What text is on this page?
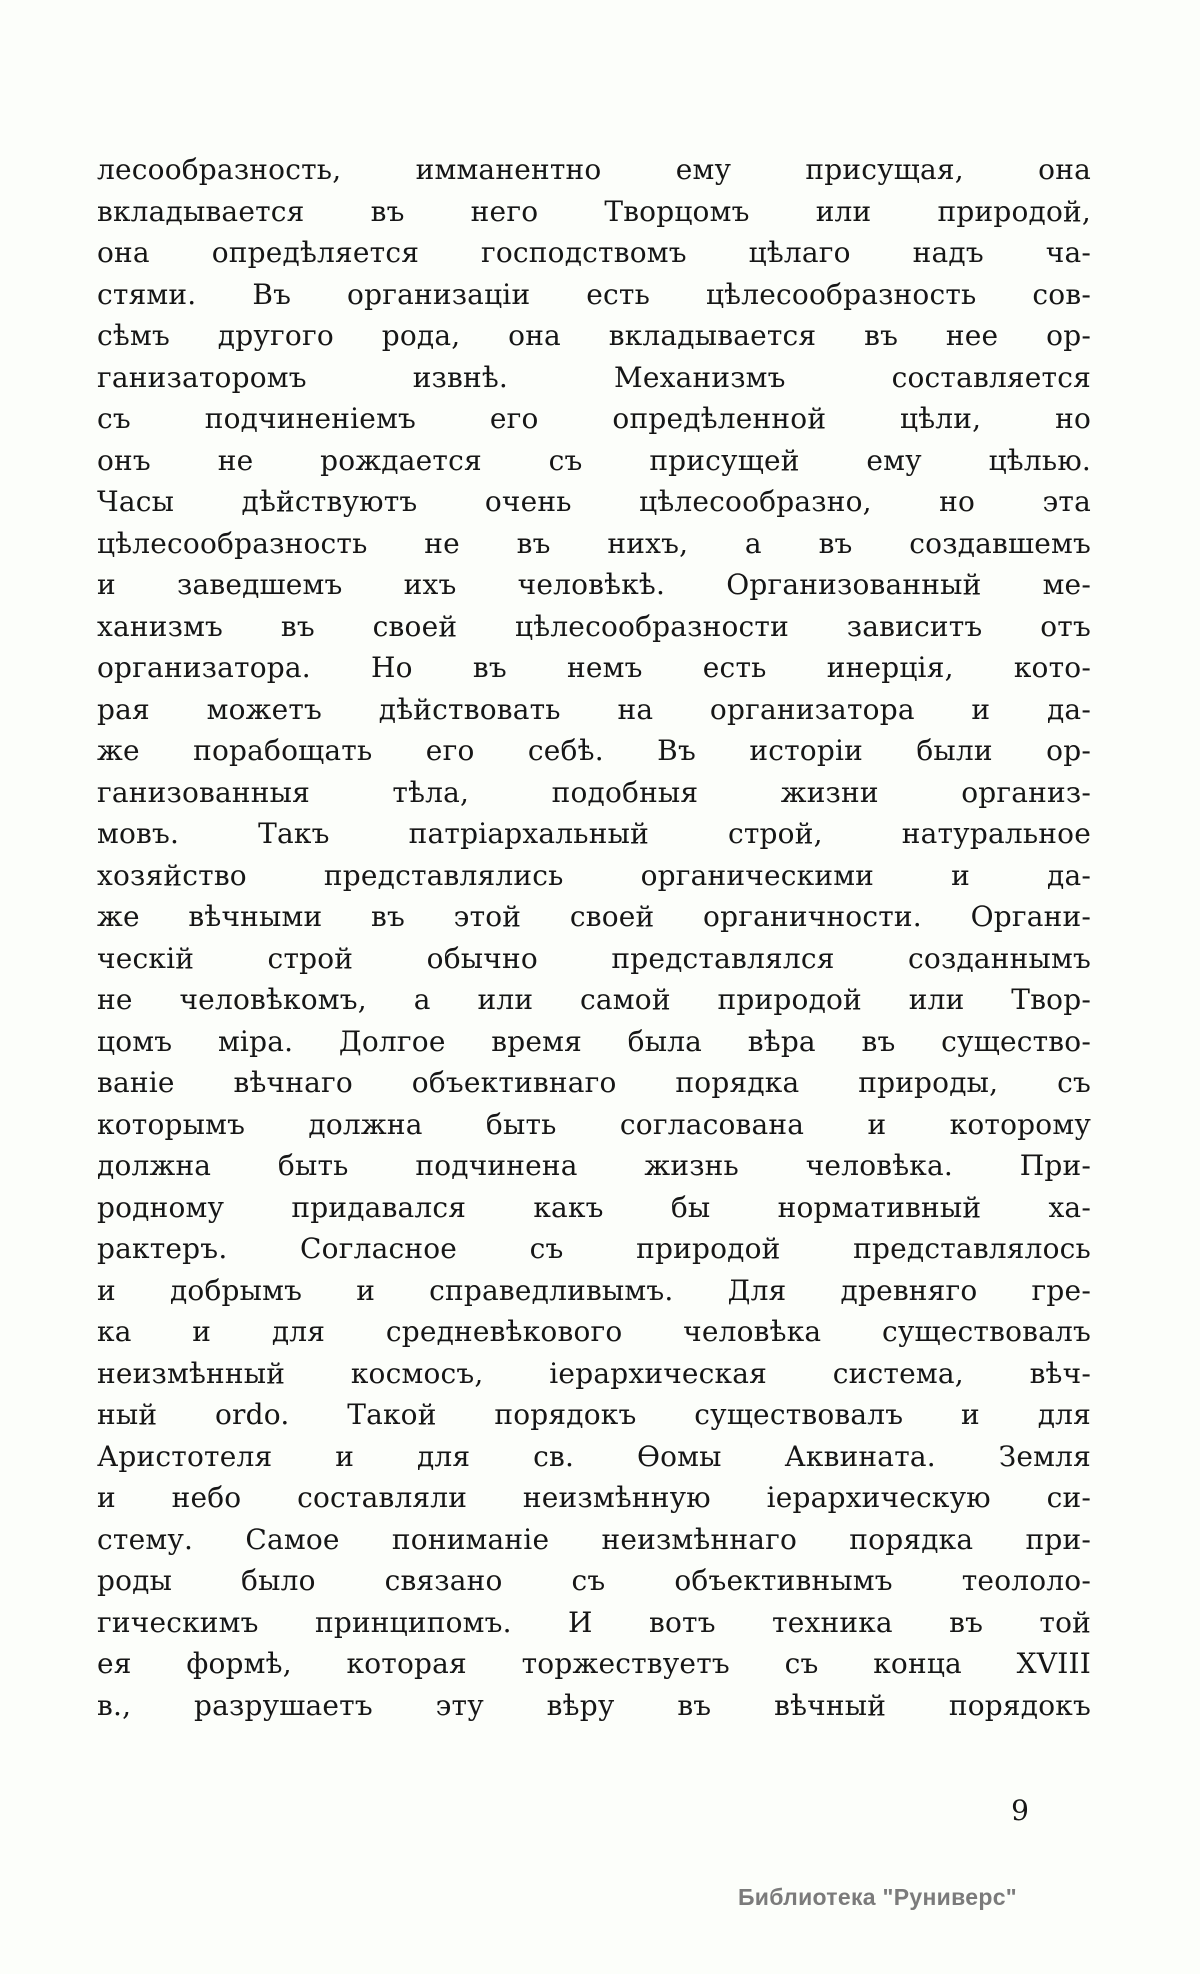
лесообразность, имманентно ему присущая, она
вкладывается въ него Творцомъ или природой,
она опредѣляется господствомъ цѣлаго надъ ча-
стями. Въ организаціи есть цѣлесообразность сов-
сѣмъ другого рода, она вкладывается въ нее ор-
ганизаторомъ извнѣ. Механизмъ составляется
съ подчиненіемъ его опредѣленной цѣли, но
онъ не рождается съ присущей ему цѣлью.
Часы дѣйствуютъ очень цѣлесообразно, но эта
цѣлесообразность не въ нихъ, а въ создавшемъ
и заведшемъ ихъ человѣкѣ. Организованный ме-
ханизмъ въ своей цѣлесообразности зависитъ отъ
организатора. Но въ немъ есть инерція, кото-
рая можетъ дѣйствовать на организатора и да-
же порабощать его себѣ. Въ исторіи были ор-
ганизованныя тѣла, подобныя жизни организ-
мовъ. Такъ патріархальный строй, натуральное
хозяйство представлялись органическими и да-
же вѣчными въ этой своей органичности. Органи-
ческій строй обычно представлялся созданнымъ
не человѣкомъ, а или самой природой или Твор-
цомъ міра. Долгое время была вѣра въ существо-
ваніе вѣчнаго объективнаго порядка природы, съ
которымъ должна быть согласована и которому
должна быть подчинена жизнь человѣка. При-
родному придавался какъ бы нормативный ха-
рактеръ. Согласное съ природой представлялось
и добрымъ и справедливымъ. Для древняго гре-
ка и для средневѣкового человѣка существовалъ
неизмѣнный космосъ, іерархическая система, вѣч-
ный ordo. Такой порядокъ существовалъ и для
Аристотеля и для св. Ѳомы Аквината. Земля
и небо составляли неизмѣнную іерархическую си-
стему. Самое пониманіе неизмѣннаго порядка при-
роды было связано съ объективнымъ теололо-
гическимъ принципомъ. И вотъ техника въ той
ея формѣ, которая торжествуетъ съ конца XVIII
в., разрушаетъ эту вѣру въ вѣчный порядокъ
9
Библиотека "Руниверс"
